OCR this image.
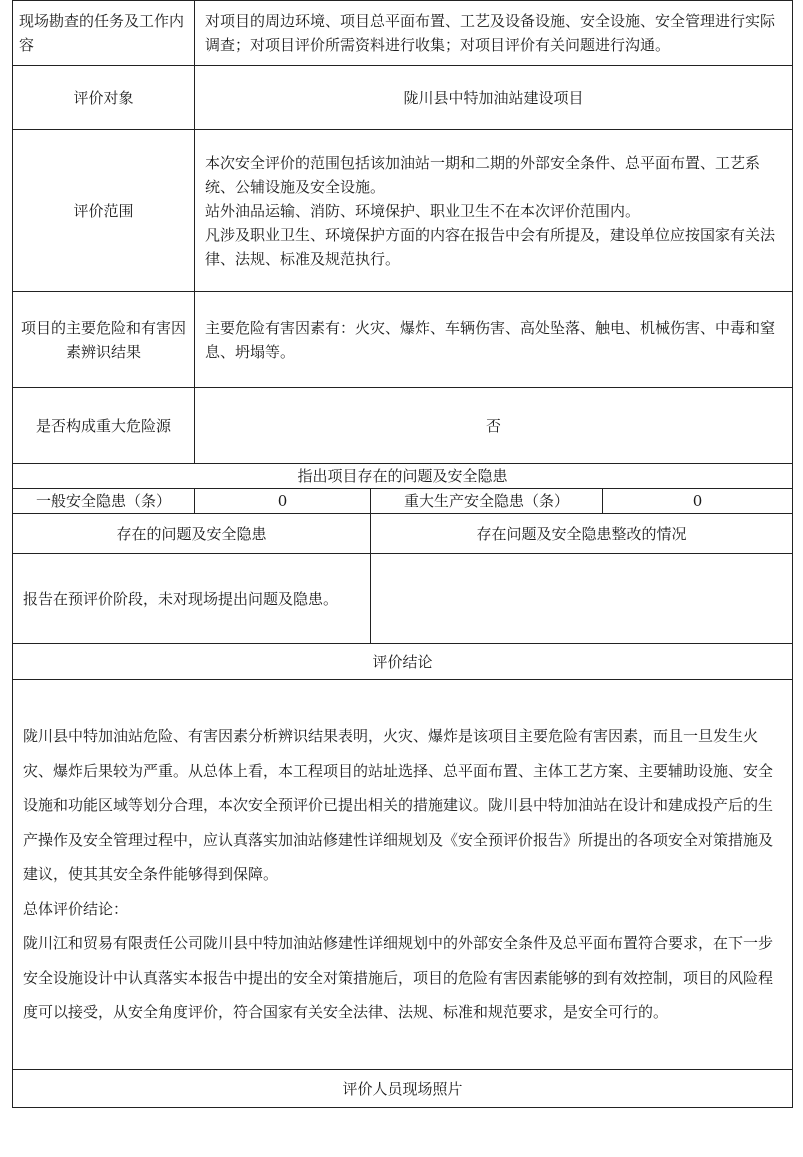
现场勘查的任务及工作内容	对项目的周边环境、项目总平面布置、工艺及设备设施、安全设施、安全管理进行实际调查；对项目评价所需资料进行收集；对项目评价有关问题进行沟通。		
评价对象	陇川县中特加油站建设项目		
评价范围	本次安全评价的范围包括该加油站一期和二期的外部安全条件、总平面布置、工艺系统、公辅设施及安全设施。
站外油品运输、消防、环境保护、职业卫生不在本次评价范围内。
凡涉及职业卫生、环境保护方面的内容在报告中会有所提及，建设单位应按国家有关法律、法规、标准及规范执行。		

项目的主要危险和有害因素辨识结果	主要危险有害因素有：火灾、爆炸、车辆伤害、高处坠落、触电、机械伤害、中毒和窒息、坍塌等。		
是否构成重大危险源	否		
指出项目存在的问题及安全隐患			
一般安全隐患（条）	0	重大生产安全隐患（条）	0
存在的问题及安全隐患		存在问题及安全隐患整改的情况	
报告在预评价阶段，未对现场提出问题及隐患。			
评价结论			

陇川县中特加油站危险、有害因素分析辨识结果表明，火灾、爆炸是该项目主要危险有害因素，而且一旦发生火灾、爆炸后果较为严重。从总体上看，本工程项目的站址选择、总平面布置、主体工艺方案、主要辅助设施、安全设施和功能区域等划分合理，本次安全预评价已提出相关的措施建议。陇川县中特加油站在设计和建成投产后的生产操作及安全管理过程中，应认真落实加油站修建性详细规划及《安全预评价报告》所提出的各项安全对策措施及建议，使其其安全条件能够得到保障。

总体评价结论：

陇川江和贸易有限责任公司陇川县中特加油站修建性详细规划中的外部安全条件及总平面布置符合要求，在下一步安全设施设计中认真落实本报告中提出的安全对策措施后，项目的危险有害因素能够的到有效控制，项目的风险程度可以接受，从安全角度评价，符合国家有关安全法律、法规、标准和规范要求，是安全可行的。			

评价人员现场照片			
